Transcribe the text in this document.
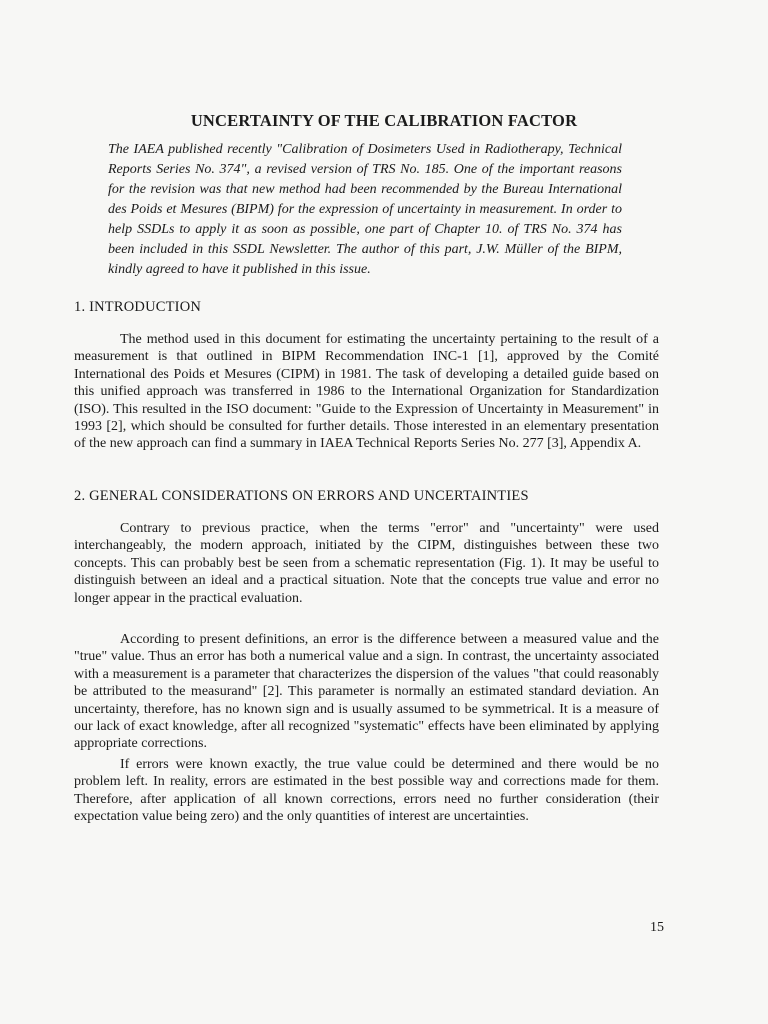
UNCERTAINTY OF THE CALIBRATION FACTOR
The IAEA published recently "Calibration of Dosimeters Used in Radiotherapy, Technical Reports Series No. 374", a revised version of TRS No. 185. One of the important reasons for the revision was that new method had been recommended by the Bureau International des Poids et Mesures (BIPM) for the expression of uncertainty in measurement. In order to help SSDLs to apply it as soon as possible, one part of Chapter 10. of TRS No. 374 has been included in this SSDL Newsletter. The author of this part, J.W. Müller of the BIPM, kindly agreed to have it published in this issue.
1. INTRODUCTION
The method used in this document for estimating the uncertainty pertaining to the result of a measurement is that outlined in BIPM Recommendation INC-1 [1], approved by the Comité International des Poids et Mesures (CIPM) in 1981. The task of developing a detailed guide based on this unified approach was transferred in 1986 to the International Organization for Standardization (ISO). This resulted in the ISO document: "Guide to the Expression of Uncertainty in Measurement" in 1993 [2], which should be consulted for further details. Those interested in an elementary presentation of the new approach can find a summary in IAEA Technical Reports Series No. 277 [3], Appendix A.
2. GENERAL CONSIDERATIONS ON ERRORS AND UNCERTAINTIES
Contrary to previous practice, when the terms "error" and "uncertainty" were used interchangeably, the modern approach, initiated by the CIPM, distinguishes between these two concepts. This can probably best be seen from a schematic representation (Fig. 1). It may be useful to distinguish between an ideal and a practical situation. Note that the concepts true value and error no longer appear in the practical evaluation.
According to present definitions, an error is the difference between a measured value and the "true" value. Thus an error has both a numerical value and a sign. In contrast, the uncertainty associated with a measurement is a parameter that characterizes the dispersion of the values "that could reasonably be attributed to the measurand" [2]. This parameter is normally an estimated standard deviation. An uncertainty, therefore, has no known sign and is usually assumed to be symmetrical. It is a measure of our lack of exact knowledge, after all recognized "systematic" effects have been eliminated by applying appropriate corrections.
If errors were known exactly, the true value could be determined and there would be no problem left. In reality, errors are estimated in the best possible way and corrections made for them. Therefore, after application of all known corrections, errors need no further consideration (their expectation value being zero) and the only quantities of interest are uncertainties.
15
